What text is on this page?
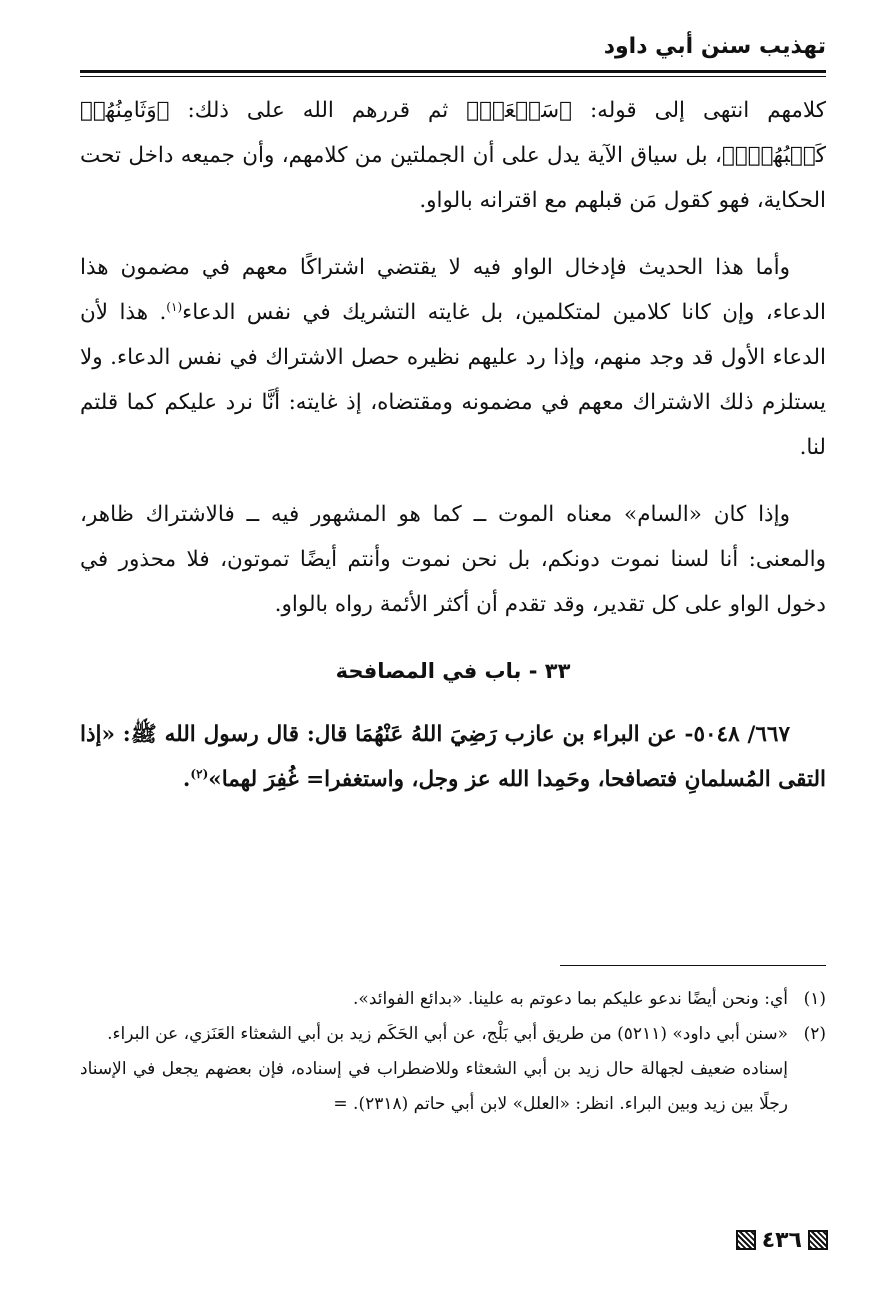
تهذيب سنن أبي داود

كلامهم انتهى إلى قوله: ﴿سَبۡعَةٞ﴾ ثم قررهم الله على ذلك: ﴿وَثَامِنُهُمۡ كَلۡبُهُمۡۚ﴾، بل سياق الآية يدل على أن الجملتين من كلامهم، وأن جميعه داخل تحت الحكاية، فهو كقول مَن قبلهم مع اقترانه بالواو.

وأما هذا الحديث فإدخال الواو فيه لا يقتضي اشتراكًا معهم في مضمون هذا الدعاء، وإن كانا كلامين لمتكلمين، بل غايته التشريك في نفس الدعاء$^{(١)}$. هذا لأن الدعاء الأول قد وجد منهم، وإذا رد عليهم نظيره حصل الاشتراك في نفس الدعاء. ولا يستلزم ذلك الاشتراك معهم في مضمونه ومقتضاه، إذ غايته: أنَّا نرد عليكم كما قلتم لنا.

وإذا كان «السام» معناه الموت ــ كما هو المشهور فيه ــ فالاشتراك ظاهر، والمعنى: أنا لسنا نموت دونكم، بل نحن نموت وأنتم أيضًا تموتون، فلا محذور في دخول الواو على كل تقدير، وقد تقدم أن أكثر الأئمة رواه بالواو.

٣٣ - باب في المصافحة

٦٦٧/ ٥٠٤٨- عن البراء بن عازب رَضِيَ اللهُ عَنْهُمَا قال: قال رسول الله ﷺ: «إذا التقى المُسلمانِ فتصافحا، وحَمِدا الله عز وجل، واستغفرا= غُفِرَ لهما»$^{(٢)}$.

(١)أي: ونحن أيضًا ندعو عليكم بما دعوتم به علينا. «بدائع الفوائد».

(٢)«سنن أبي داود» (٥٢١١) من طريق أبي بَلْج، عن أبي الحَكَم زيد بن أبي الشعثاء العَنَزي، عن البراء.

إسناده ضعيف لجهالة حال زيد بن أبي الشعثاء وللاضطراب في إسناده، فإن بعضهم يجعل في الإسناد رجلًا بين زيد وبين البراء. انظر: «العلل» لابن أبي حاتم (٢٣١٨). =

٤٣٦
